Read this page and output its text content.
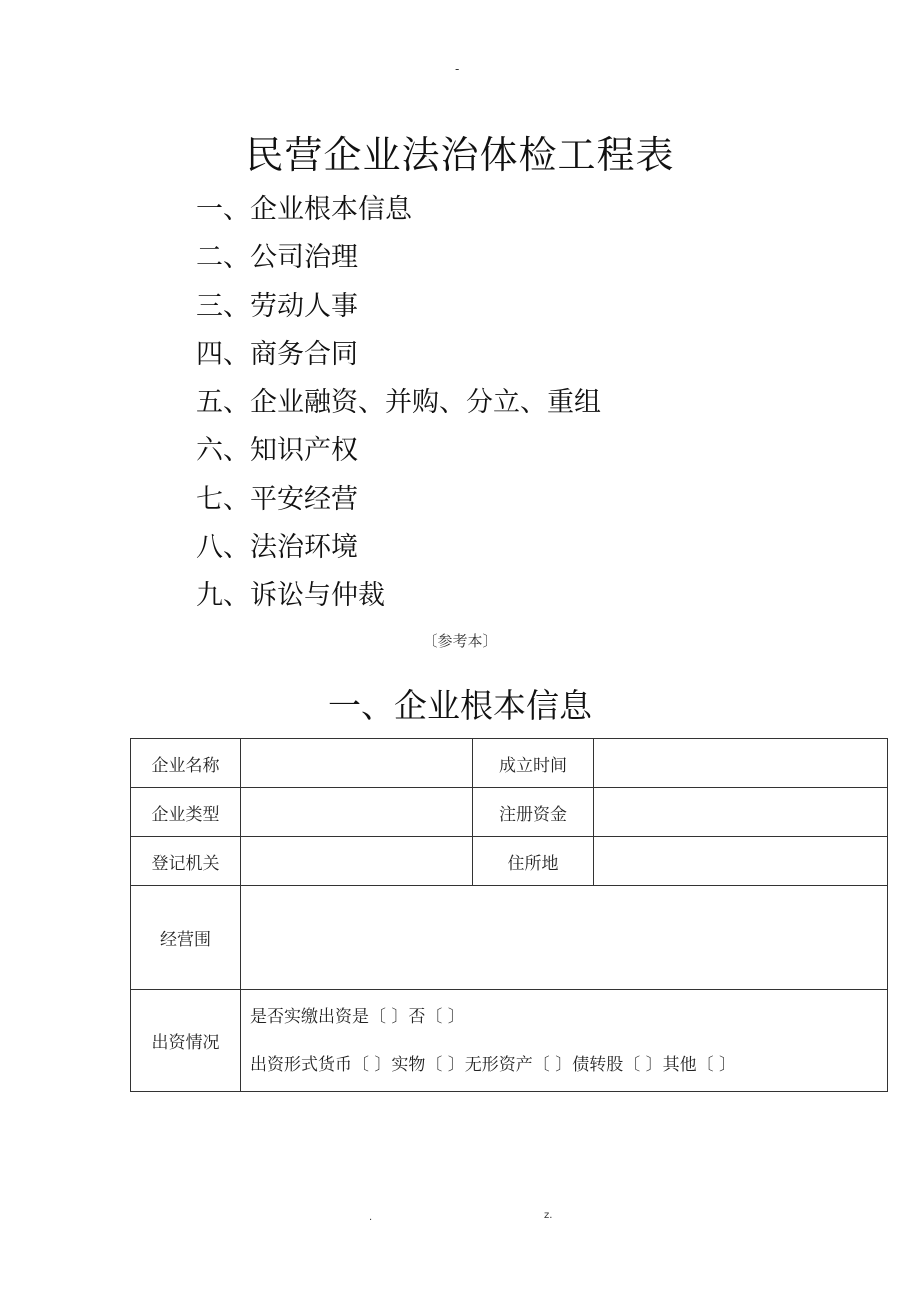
-
民营企业法治体检工程表
一、企业根本信息
二、公司治理
三、劳动人事
四、商务合同
五、企业融资、并购、分立、重组
六、知识产权
七、平安经营
八、法治环境
九、诉讼与仲裁
〔参考本〕
一、企业根本信息
企业名称		成立时间	
企业类型		注册资金	
登记机关		住所地	
经营围			
出资情况	是否实缴出资是〔 〕否〔 〕
出资形式货币〔 〕实物〔 〕无形资产〔 〕债转股〔 〕其他〔 〕		
.	z.
